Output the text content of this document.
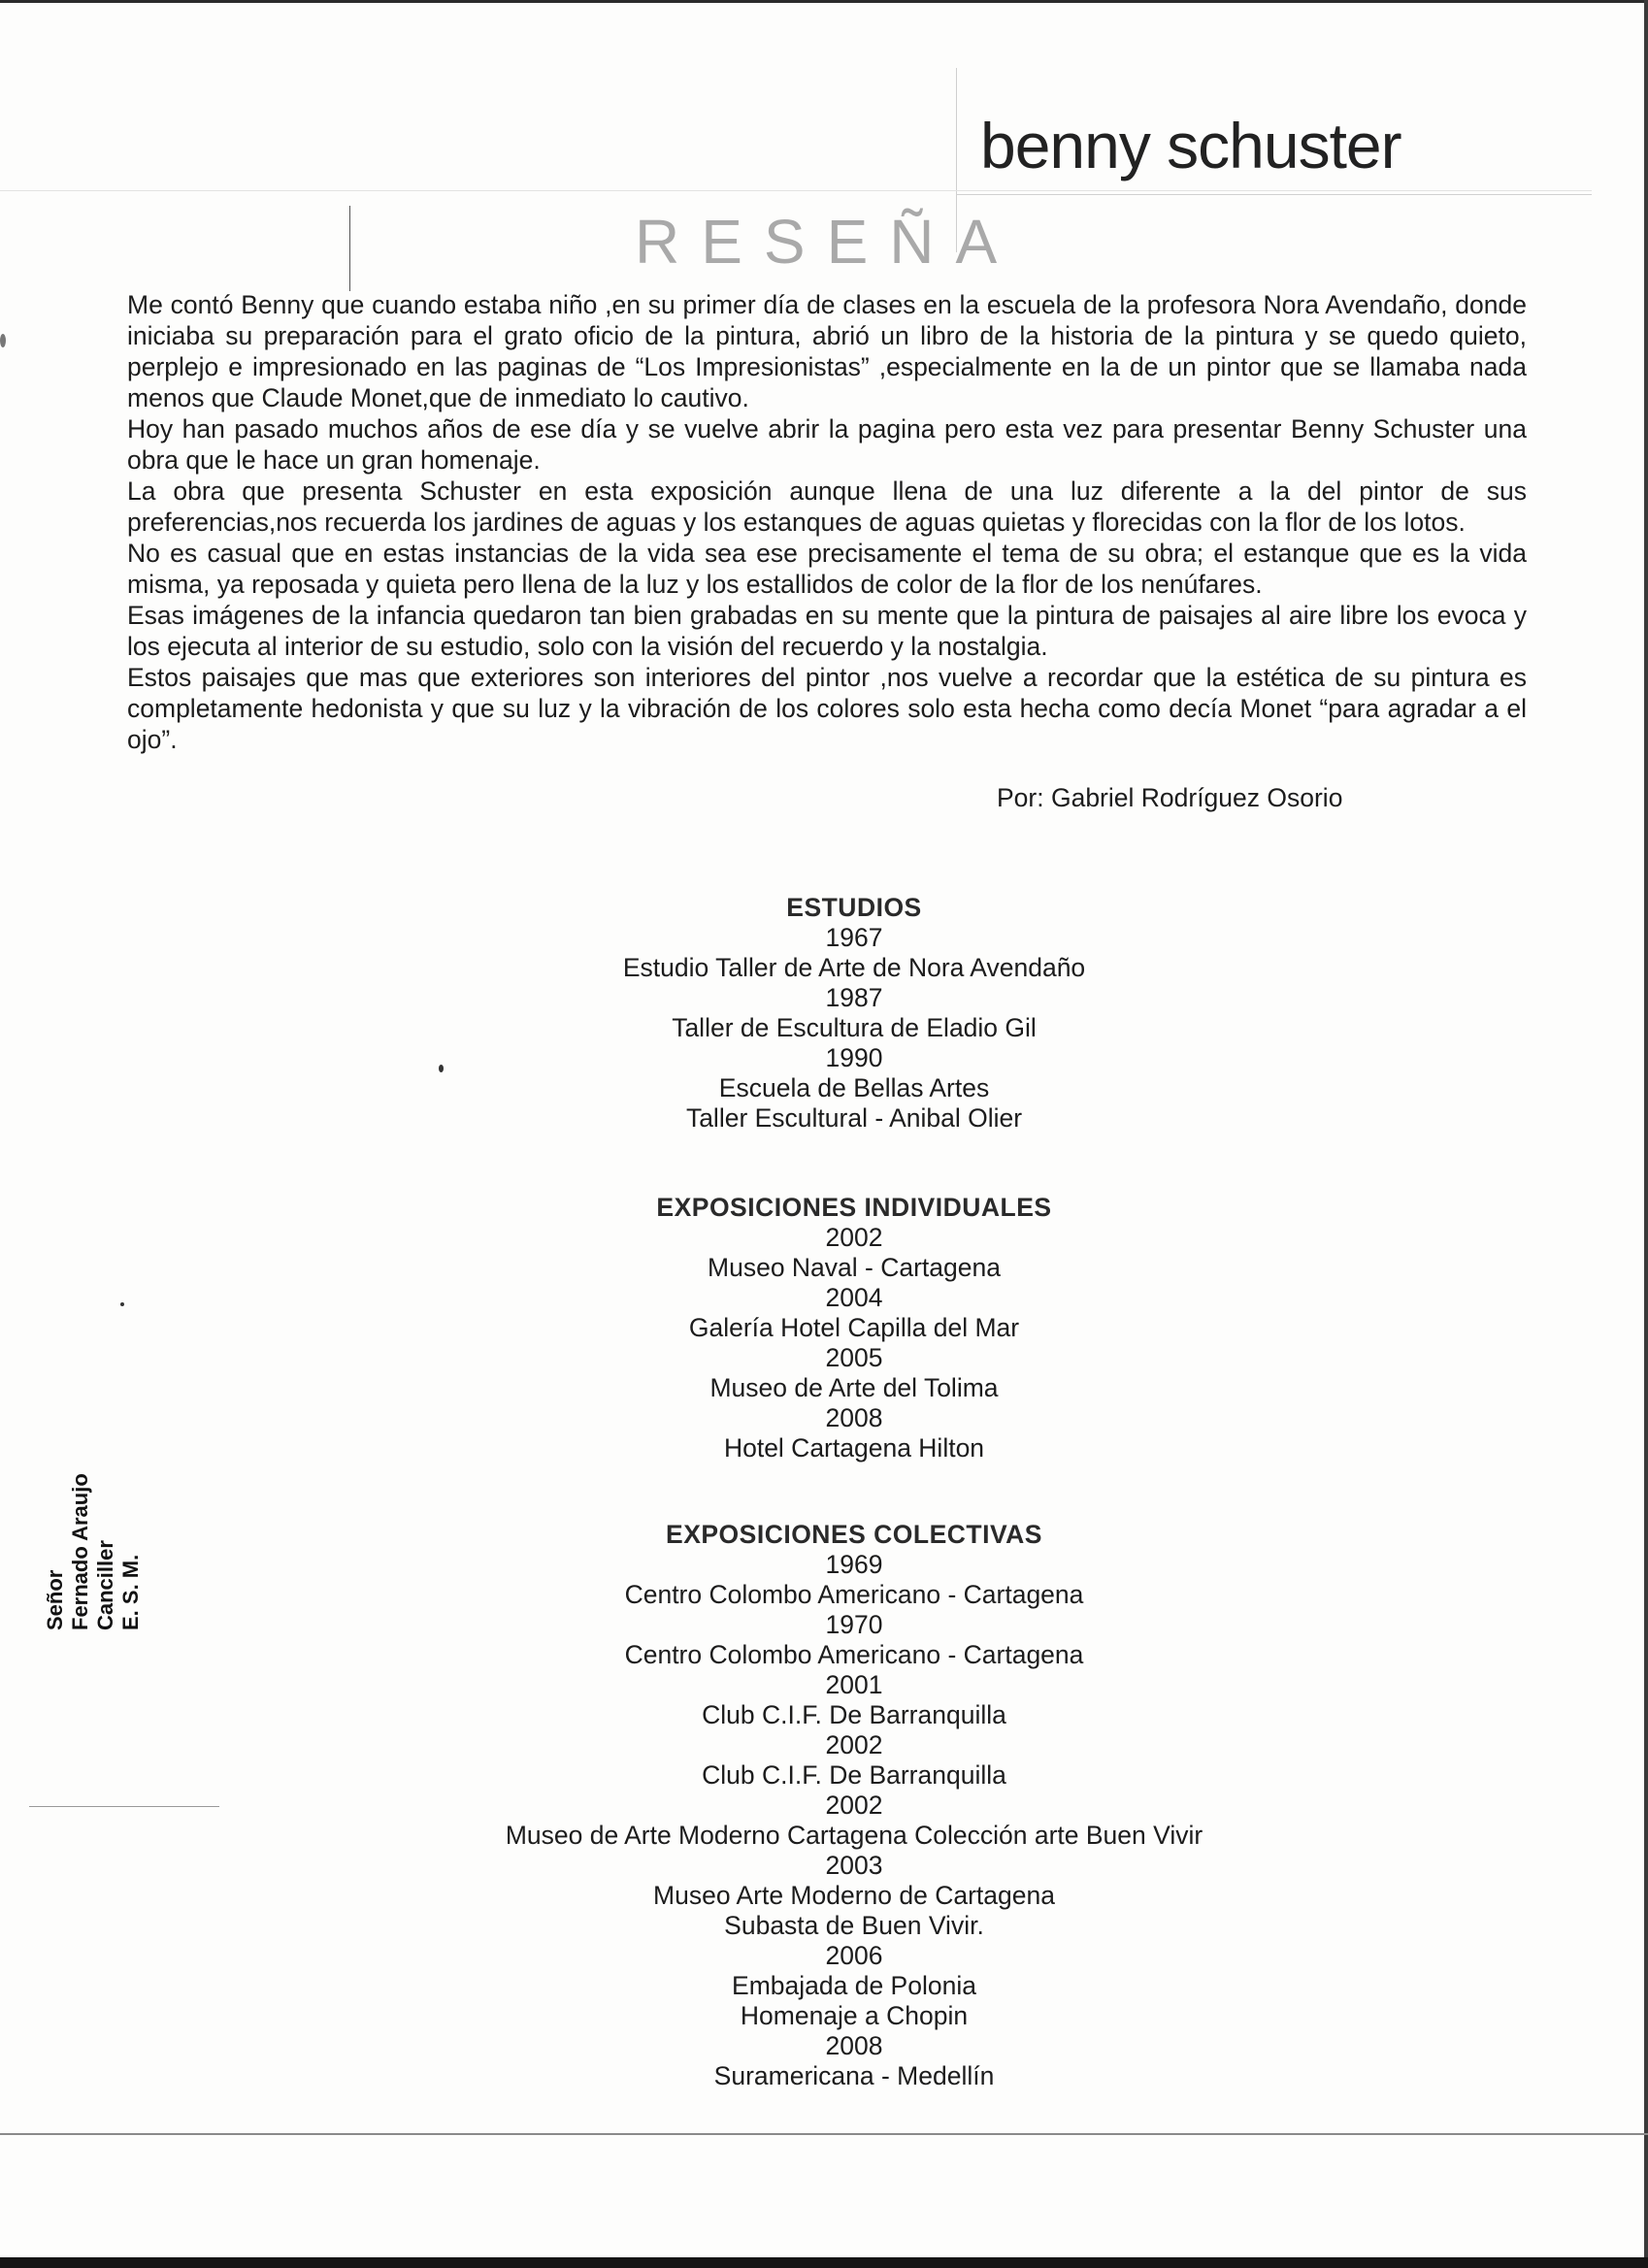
benny schuster
RESEÑA

Me contó Benny que cuando estaba niño ,en su primer día de clases en la escuela de la profesora Nora Avendaño, donde iniciaba su preparación para el grato oficio de la pintura, abrió un libro de la historia de la pintura y se quedo quieto, perplejo e impresionado en las paginas de “Los Impresionistas” ,especialmente en la de un pintor que se llamaba nada menos que Claude Monet,que de inmediato lo cautivo.

Hoy han pasado muchos años de ese día y se vuelve abrir la pagina pero esta vez para presentar Benny Schuster una obra que le hace un gran homenaje.

La obra que presenta Schuster en esta exposición aunque llena de una luz diferente a la del pintor de sus preferencias,nos recuerda los jardines de aguas y los estanques de aguas quietas y florecidas con la flor de los lotos.

No es casual que en estas instancias de la vida sea ese precisamente el tema de su obra; el estanque que es la vida misma, ya reposada y quieta pero llena de la luz y los estallidos de color de la flor de los nenúfares.

Esas imágenes de la infancia quedaron tan bien grabadas en su mente que la pintura de paisajes al aire libre los evoca y los ejecuta al interior de su estudio, solo con la visión del recuerdo y la nostalgia.

Estos paisajes que mas que exteriores son interiores del pintor ,nos vuelve a recordar que la estética de su pintura es completamente hedonista y que su luz y la vibración de los colores solo esta hecha como decía Monet “para agradar a el ojo”.

Por: Gabriel Rodríguez Osorio

ESTUDIOS
1967
Estudio Taller de Arte de Nora Avendaño
1987
Taller de Escultura de Eladio Gil
1990
Escuela de Bellas Artes
Taller Escultural - Anibal Olier
EXPOSICIONES INDIVIDUALES
2002
Museo Naval - Cartagena
2004
Galería Hotel Capilla del Mar
2005
Museo de Arte del Tolima
2008
Hotel Cartagena Hilton
EXPOSICIONES COLECTIVAS
1969
Centro Colombo Americano - Cartagena
1970
Centro Colombo Americano - Cartagena
2001
Club C.I.F. De Barranquilla
2002
Club C.I.F. De Barranquilla
2002
Museo de Arte Moderno Cartagena Colección arte Buen Vivir
2003
Museo Arte Moderno de Cartagena
Subasta de Buen Vivir.
2006
Embajada de Polonia
Homenaje a Chopin
2008
Suramericana - Medellín
Señor Fernado Araujo Canciller E. S. M.
